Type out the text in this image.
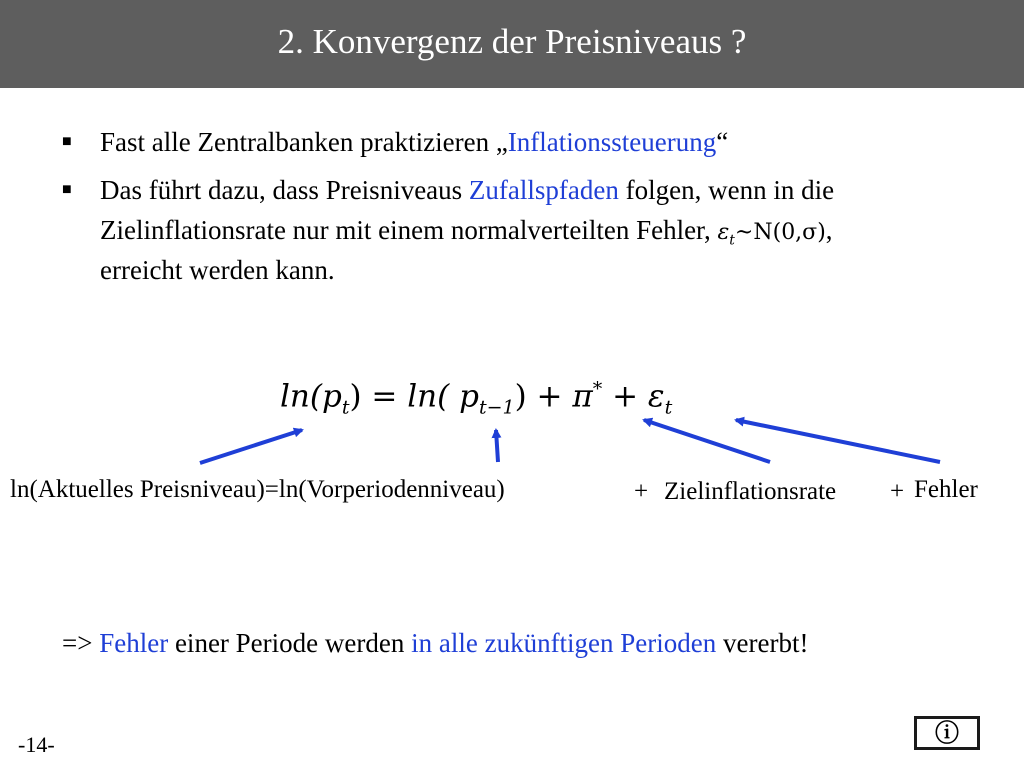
2. Konvergenz der Preisniveaus ?
■	Fast alle Zentralbanken praktizieren „Inflationssteuerung“
■	Das führt dazu, dass Preisniveaus Zufallspfaden folgen, wenn in die
Zielinflationsrate nur mit einem normalverteilten Fehler, $\varepsilon_t\sim N(0,\sigma)$,
erreicht werden kann.
$\ln(p_t) = \ln$( $p_{t-1}) + \pi^* + \varepsilon_t$
ln(Aktuelles Preisniveau)=ln(Vorperiodenniveau)	+ Zielinflationsrate + Fehler
=> Fehler einer Periode werden in alle zukünftigen Perioden vererbt!
-14-	ⓘ
